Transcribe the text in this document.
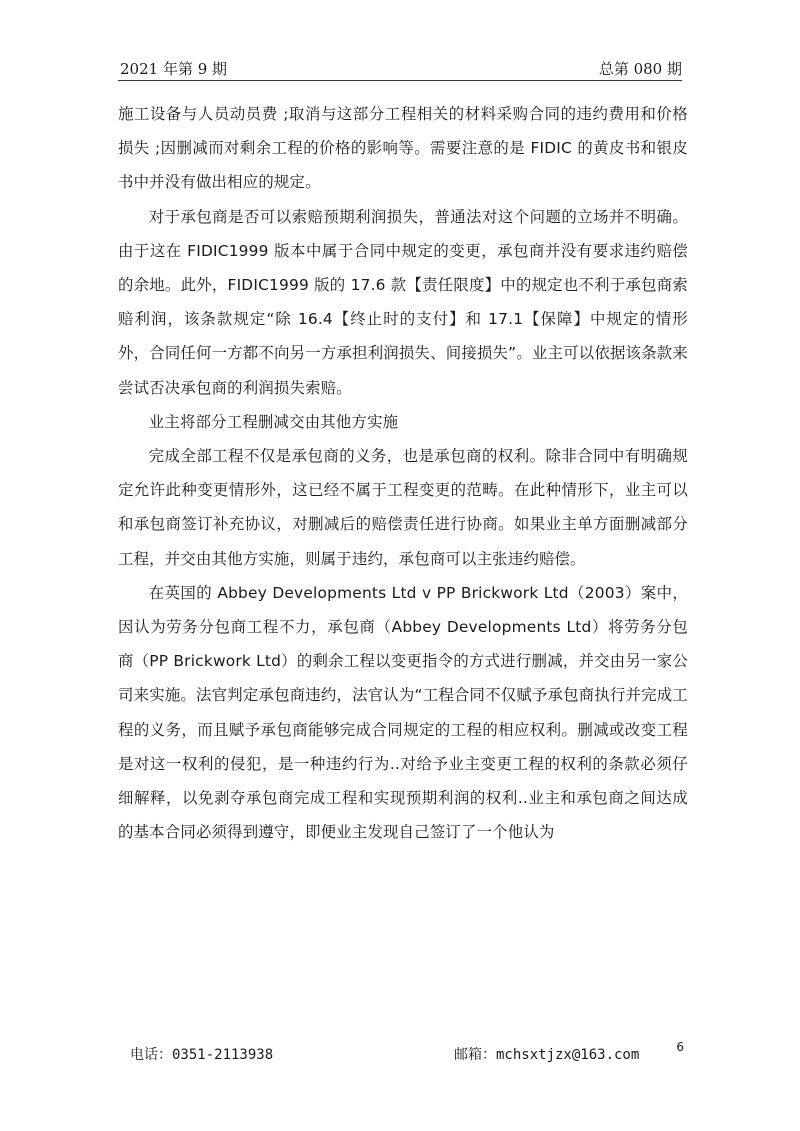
2021 年第 9 期	总第 080 期

施工设备与人员动员费 ;取消与这部分工程相关的材料采购合同的违约费用和价格损失 ;因删减而对剩余工程的价格的影响等。需要注意的是 FIDIC 的黄皮书和银皮书中并没有做出相应的规定。

对于承包商是否可以索赔预期利润损失，普通法对这个问题的立场并不明确。由于这在 FIDIC1999 版本中属于合同中规定的变更，承包商并没有要求违约赔偿的余地。此外，FIDIC1999 版的 17.6 款【责任限度】中的规定也不利于承包商索赔利润，该条款规定“除 16.4【终止时的支付】和 17.1【保障】中规定的情形外，合同任何一方都不向另一方承担利润损失、间接损失”。业主可以依据该条款来尝试否决承包商的利润损失索赔。

业主将部分工程删减交由其他方实施

完成全部工程不仅是承包商的义务，也是承包商的权利。除非合同中有明确规定允许此种变更情形外，这已经不属于工程变更的范畴。在此种情形下，业主可以和承包商签订补充协议，对删减后的赔偿责任进行协商。如果业主单方面删减部分工程，并交由其他方实施，则属于违约，承包商可以主张违约赔偿。

在英国的 Abbey Developments Ltd v PP Brickwork Ltd（2003）案中，因认为劳务分包商工程不力，承包商（Abbey Developments Ltd）将劳务分包商（PP Brickwork Ltd）的剩余工程以变更指令的方式进行删减，并交由另一家公司来实施。法官判定承包商违约，法官认为“工程合同不仅赋予承包商执行并完成工程的义务，而且赋予承包商能够完成合同规定的工程的相应权利。删减或改变工程是对这一权利的侵犯，是一种违约行为..对给予业主变更工程的权利的条款必须仔细解释，以免剥夺承包商完成工程和实现预期利润的权利..业主和承包商之间达成的基本合同必须得到遵守，即便业主发现自己签订了一个他认为

电话：0351-2113938	邮箱：mchsxtjzx@163.com	6
